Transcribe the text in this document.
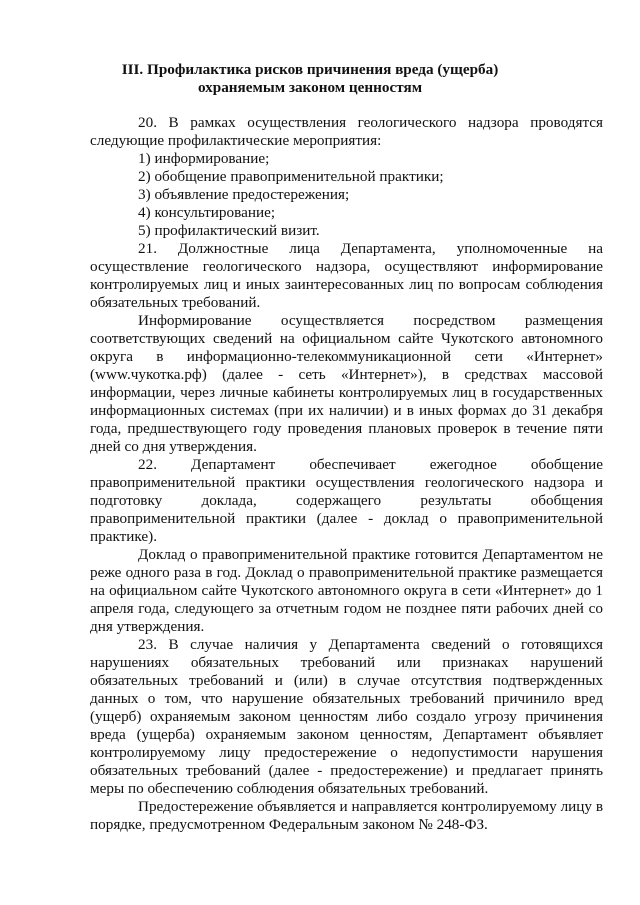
III. Профилактика рисков причинения вреда (ущерба) охраняемым законом ценностям

20. В рамках осуществления геологического надзора проводятся следующие профилактические мероприятия:

1) информирование;

2) обобщение правоприменительной практики;

3) объявление предостережения;

4) консультирование;

5) профилактический визит.

21. Должностные лица Департамента, уполномоченные на осуществление геологического надзора, осуществляют информирование контролируемых лиц и иных заинтересованных лиц по вопросам соблюдения обязательных требований.

Информирование осуществляется посредством размещения соответствующих сведений на официальном сайте Чукотского автономного округа в информационно-телекоммуникационной сети «Интернет» (www.чукотка.рф) (далее - сеть «Интернет»), в средствах массовой информации, через личные кабинеты контролируемых лиц в государственных информационных системах (при их наличии) и в иных формах до 31 декабря года, предшествующего году проведения плановых проверок в течение пяти дней со дня утверждения.

22. Департамент обеспечивает ежегодное обобщение правоприменительной практики осуществления геологического надзора и подготовку доклада, содержащего результаты обобщения правоприменительной практики (далее - доклад о правоприменительной практике).

Доклад о правоприменительной практике готовится Департаментом не реже одного раза в год. Доклад о правоприменительной практике размещается на официальном сайте Чукотского автономного округа в сети «Интернет» до 1 апреля года, следующего за отчетным годом не позднее пяти рабочих дней со дня утверждения.

23. В случае наличия у Департамента сведений о готовящихся нарушениях обязательных требований или признаках нарушений обязательных требований и (или) в случае отсутствия подтвержденных данных о том, что нарушение обязательных требований причинило вред (ущерб) охраняемым законом ценностям либо создало угрозу причинения вреда (ущерба) охраняемым законом ценностям, Департамент объявляет контролируемому лицу предостережение о недопустимости нарушения обязательных требований (далее - предостережение) и предлагает принять меры по обеспечению соблюдения обязательных требований.

Предостережение объявляется и направляется контролируемому лицу в порядке, предусмотренном Федеральным законом № 248-ФЗ.
